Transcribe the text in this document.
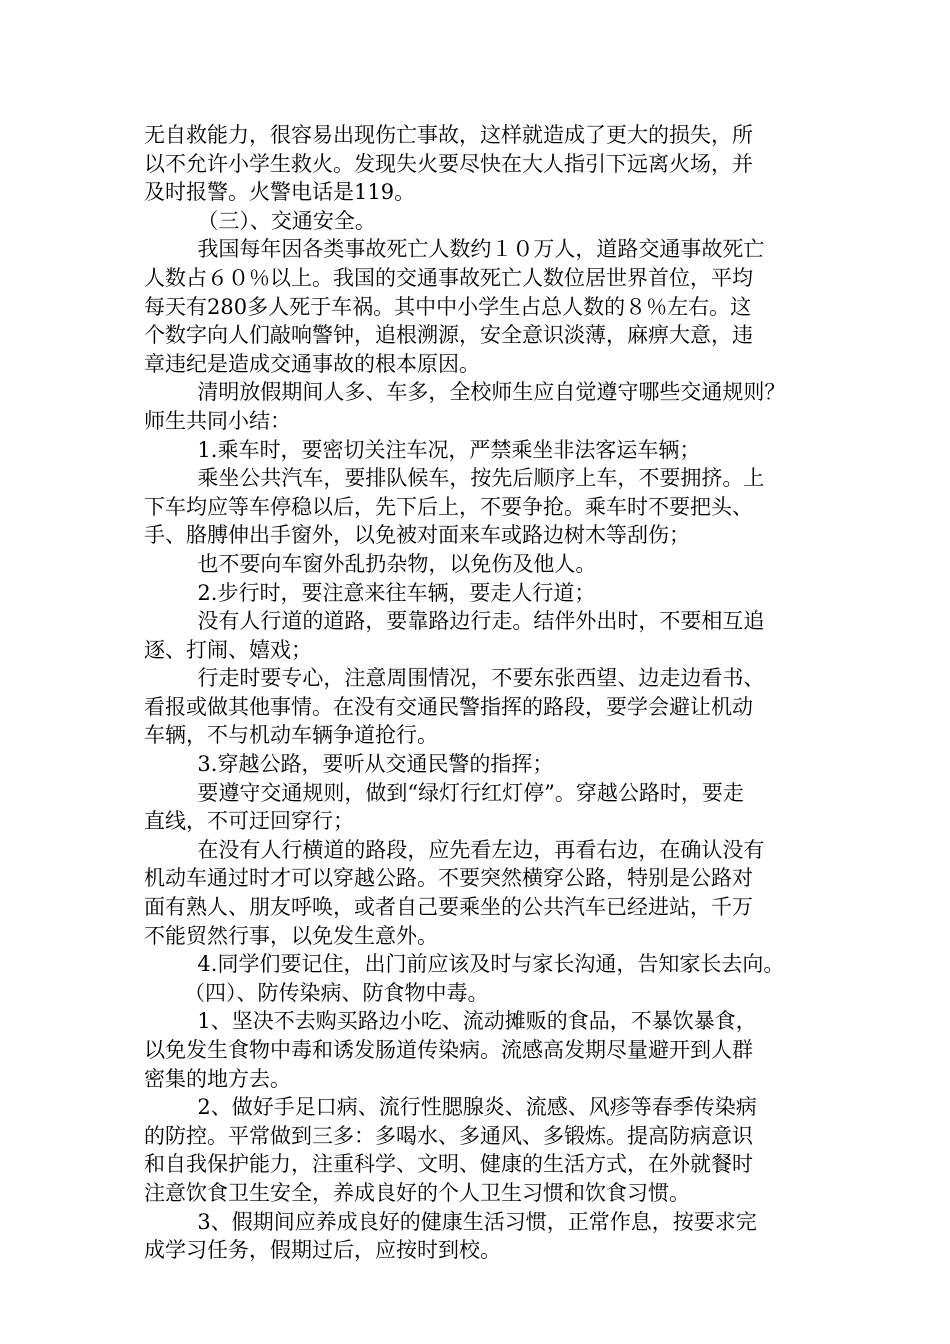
无自救能力，很容易出现伤亡事故，这样就造成了更大的损失，所
以不允许小学生救火。发现失火要尽快在大人指引下远离火场，并
及时报警。火警电话是119。
（三）、交通安全。
我国每年因各类事故死亡人数约１０万人，道路交通事故死亡
人数占６０％以上。我国的交通事故死亡人数位居世界首位，平均
每天有280多人死于车祸。其中中小学生占总人数的８％左右。这
个数字向人们敲响警钟，追根溯源，安全意识淡薄，麻痹大意，违
章违纪是造成交通事故的根本原因。
清明放假期间人多、车多，全校师生应自觉遵守哪些交通规则？
师生共同小结：
1.乘车时，要密切关注车况，严禁乘坐非法客运车辆；
乘坐公共汽车，要排队候车，按先后顺序上车，不要拥挤。上
下车均应等车停稳以后，先下后上，不要争抢。乘车时不要把头、
手、胳膊伸出手窗外，以免被对面来车或路边树木等刮伤；
也不要向车窗外乱扔杂物，以免伤及他人。
2.步行时，要注意来往车辆，要走人行道；
没有人行道的道路，要靠路边行走。结伴外出时，不要相互追
逐、打闹、嬉戏；
行走时要专心，注意周围情况，不要东张西望、边走边看书、
看报或做其他事情。在没有交通民警指挥的路段，要学会避让机动
车辆，不与机动车辆争道抢行。
3.穿越公路，要听从交通民警的指挥；
要遵守交通规则，做到“绿灯行红灯停”。穿越公路时，要走
直线，不可迂回穿行；
在没有人行横道的路段，应先看左边，再看右边，在确认没有
机动车通过时才可以穿越公路。不要突然横穿公路，特别是公路对
面有熟人、朋友呼唤，或者自己要乘坐的公共汽车已经进站，千万
不能贸然行事，以免发生意外。
4.同学们要记住，出门前应该及时与家长沟通，告知家长去向。
（四）、防传染病、防食物中毒。
1、坚决不去购买路边小吃、流动摊贩的食品，不暴饮暴食，
以免发生食物中毒和诱发肠道传染病。流感高发期尽量避开到人群
密集的地方去。
2、做好手足口病、流行性腮腺炎、流感、风疹等春季传染病
的防控。平常做到三多：多喝水、多通风、多锻炼。提高防病意识
和自我保护能力，注重科学、文明、健康的生活方式，在外就餐时
注意饮食卫生安全，养成良好的个人卫生习惯和饮食习惯。
3、假期间应养成良好的健康生活习惯，正常作息，按要求完
成学习任务，假期过后，应按时到校。
